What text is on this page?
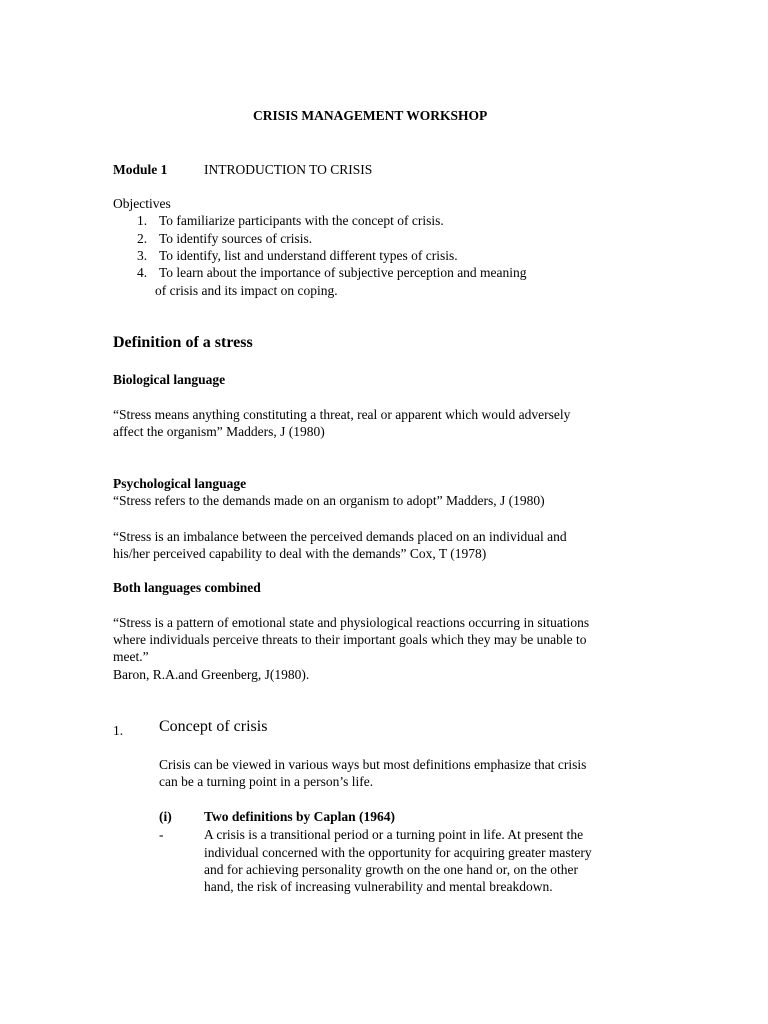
CRISIS MANAGEMENT WORKSHOP
Module 1	INTRODUCTION TO CRISIS
Objectives
1. To familiarize participants with the concept of crisis.
2. To identify sources of crisis.
3. To identify, list and understand different types of crisis.
4. To learn about the importance of subjective perception and meaning
of crisis and its impact on coping.
Definition of a stress
Biological language
“Stress means anything constituting a threat, real or apparent which would adversely
affect the organism” Madders, J (1980)
Psychological language
“Stress refers to the demands made on an organism to adopt” Madders, J (1980)
“Stress is an imbalance between the perceived demands placed on an individual and
his/her perceived capability to deal with the demands” Cox, T (1978)
Both languages combined
“Stress is a pattern of emotional state and physiological reactions occurring in situations
where individuals perceive threats to their important goals which they may be unable to
meet.”
Baron, R.A.and Greenberg, J(1980).
1. Concept of crisis
Crisis can be viewed in various ways but most definitions emphasize that crisis
can be a turning point in a person’s life.
(i) Two definitions by Caplan (1964)
-	A crisis is a transitional period or a turning point in life. At present the
individual concerned with the opportunity for acquiring greater mastery
and for achieving personality growth on the one hand or, on the other
hand, the risk of increasing vulnerability and mental breakdown.
